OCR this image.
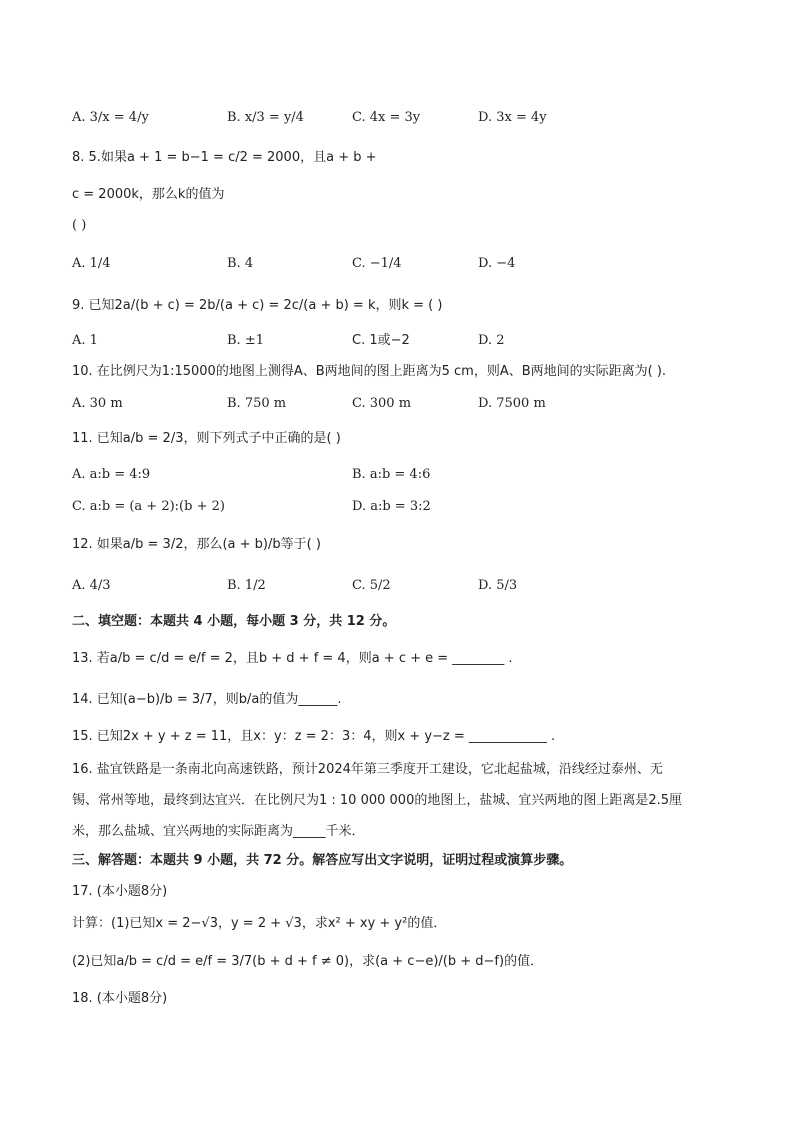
A. 3/x = 4/y	B. x/3 = y/4	C. 4x = 3y	D. 3x = 4y
8. 5.如果a + 1 = b−1 = c/2 = 2000，且a + b +
c = 2000k，那么k的值为
( )
A. 1/4	B. 4	C. −1/4	D. −4
9. 已知2a/(b + c) = 2b/(a + c) = 2c/(a + b) = k，则k = ( )
A. 1	B. ±1	C. 1或−2	D. 2
10. 在比例尺为1:15000的地图上测得A、B两地间的图上距离为5 cm，则A、B两地间的实际距离为( ).
A. 30 m	B. 750 m	C. 300 m	D. 7500 m
11. 已知a/b = 2/3，则下列式子中正确的是( )
A. a:b = 4:9	B. a:b = 4:6
C. a:b = (a + 2):(b + 2)	D. a:b = 3:2
12. 如果a/b = 3/2，那么(a + b)/b等于( )
A. 4/3	B. 1/2	C. 5/2	D. 5/3
二、填空题：本题共 4 小题，每小题 3 分，共 12 分。
13. 若a/b = c/d = e/f = 2，且b + d + f = 4，则a + c + e = ________ .
14. 已知(a−b)/b = 3/7，则b/a的值为______.
15. 已知2x + y + z = 11，且x：y：z = 2：3：4，则x + y−z = ____________ .
16. 盐宜铁路是一条南北向高速铁路，预计2024年第三季度开工建设，它北起盐城，沿线经过泰州、无
锡、常州等地，最终到达宜兴．在比例尺为1 : 10 000 000的地图上，盐城、宜兴两地的图上距离是2.5厘
米，那么盐城、宜兴两地的实际距离为_____千米．
三、解答题：本题共 9 小题，共 72 分。解答应写出文字说明，证明过程或演算步骤。
17. (本小题8分)
计算：(1)已知x = 2−√3，y = 2 + √3，求x² + xy + y²的值．
(2)已知a/b = c/d = e/f = 3/7(b + d + f ≠ 0)，求(a + c−e)/(b + d−f)的值．
18. (本小题8分)
